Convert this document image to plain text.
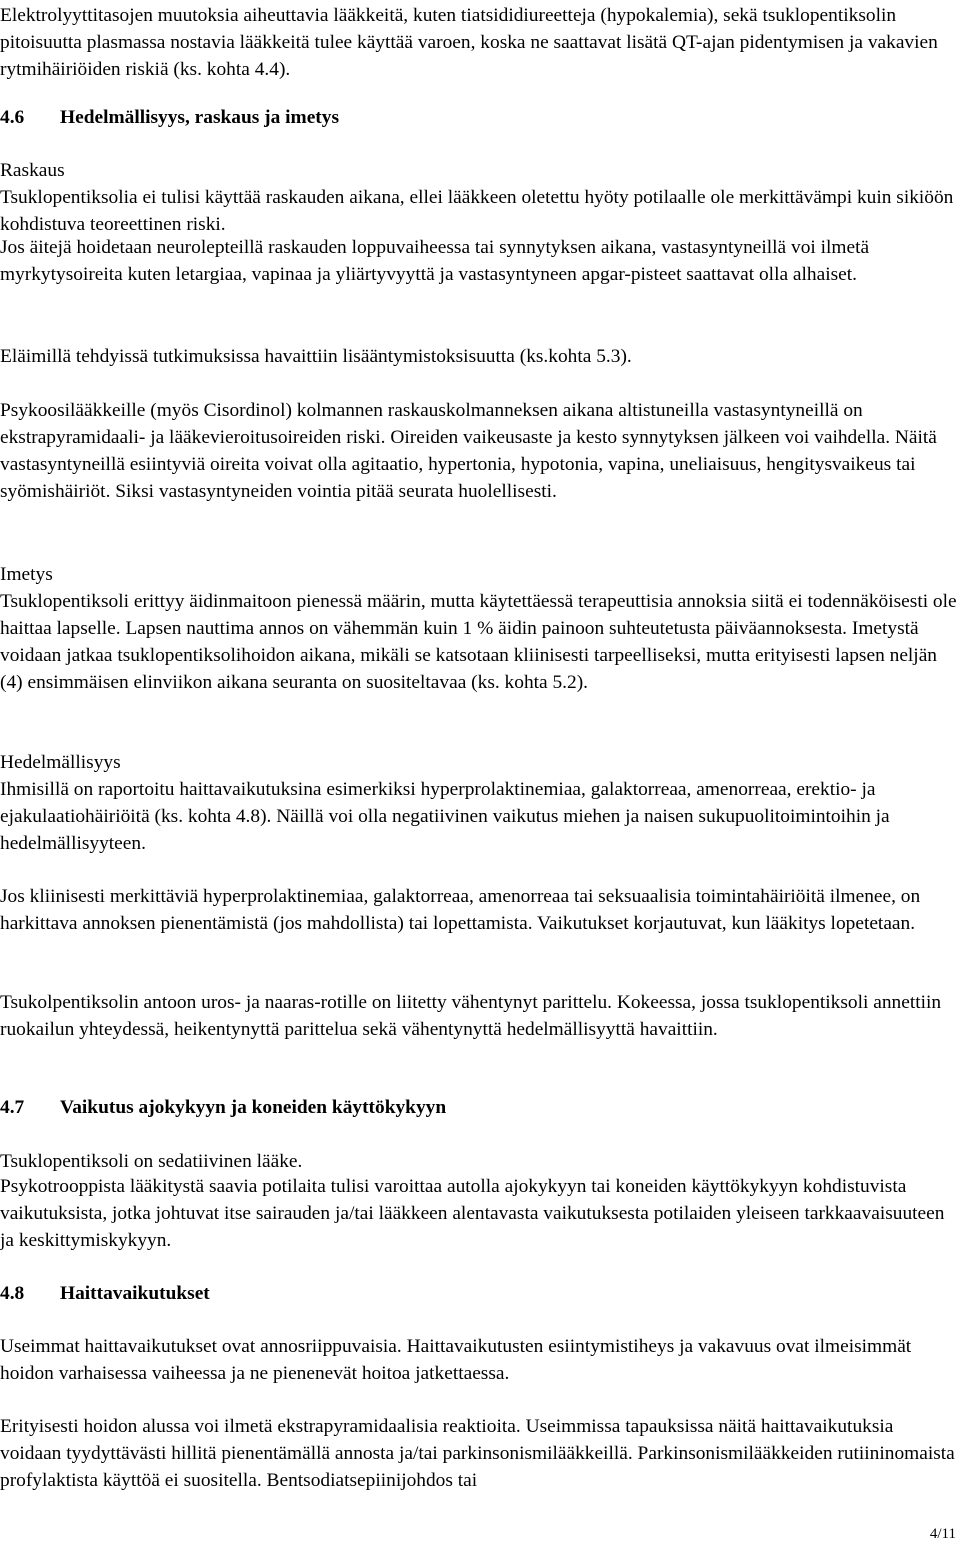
Elektrolyyttitasojen muutoksia aiheuttavia lääkkeitä, kuten tiatsididiureetteja (hypokalemia), sekä tsuklopentiksolin pitoisuutta plasmassa nostavia lääkkeitä tulee käyttää varoen, koska ne saattavat lisätä QT-ajan pidentymisen ja vakavien rytmihäiriöiden riskiä (ks. kohta 4.4).

4.6 Hedelmällisyys, raskaus ja imetys

Raskaus

Tsuklopentiksolia ei tulisi käyttää raskauden aikana, ellei lääkkeen oletettu hyöty potilaalle ole merkittävämpi kuin sikiöön kohdistuva teoreettinen riski.

Jos äitejä hoidetaan neurolepteillä raskauden loppuvaiheessa tai synnytyksen aikana, vastasyntyneillä voi ilmetä myrkytysoireita kuten letargiaa, vapinaa ja yliärtyvyyttä ja vastasyntyneen apgar-pisteet saattavat olla alhaiset.

Eläimillä tehdyissä tutkimuksissa havaittiin lisääntymistoksisuutta (ks.kohta 5.3).

Psykoosilääkkeille (myös Cisordinol) kolmannen raskauskolmanneksen aikana altistuneilla vastasyntyneillä on ekstrapyramidaali- ja lääkevieroitusoireiden riski. Oireiden vaikeusaste ja kesto synnytyksen jälkeen voi vaihdella. Näitä vastasyntyneillä esiintyviä oireita voivat olla agitaatio, hypertonia, hypotonia, vapina, uneliaisuus, hengitysvaikeus tai syömishäiriöt. Siksi vastasyntyneiden vointia pitää seurata huolellisesti.

Imetys

Tsuklopentiksoli erittyy äidinmaitoon pienessä määrin, mutta käytettäessä terapeuttisia annoksia siitä ei todennäköisesti ole haittaa lapselle. Lapsen nauttima annos on vähemmän kuin 1 % äidin painoon suhteutetusta päiväannoksesta. Imetystä voidaan jatkaa tsuklopentiksolihoidon aikana, mikäli se katsotaan kliinisesti tarpeelliseksi, mutta erityisesti lapsen neljän (4) ensimmäisen elinviikon aikana seuranta on suositeltavaa (ks. kohta 5.2).

Hedelmällisyys

Ihmisillä on raportoitu haittavaikutuksina esimerkiksi hyperprolaktinemiaa, galaktorreaa, amenorreaa, erektio- ja ejakulaatiohäiriöitä (ks. kohta 4.8). Näillä voi olla negatiivinen vaikutus miehen ja naisen sukupuolitoimintoihin ja hedelmällisyyteen.

Jos kliinisesti merkittäviä hyperprolaktinemiaa, galaktorreaa, amenorreaa tai seksuaalisia toimintahäiriöitä ilmenee, on harkittava annoksen pienentämistä (jos mahdollista) tai lopettamista. Vaikutukset korjautuvat, kun lääkitys lopetetaan.

Tsukolpentiksolin antoon uros- ja naaras-rotille on liitetty vähentynyt parittelu. Kokeessa, jossa tsuklopentiksoli annettiin ruokailun yhteydessä, heikentynyttä parittelua sekä vähentynyttä hedelmällisyyttä havaittiin.

4.7 Vaikutus ajokykyyn ja koneiden käyttökykyyn

Tsuklopentiksoli on sedatiivinen lääke.

Psykotrooppista lääkitystä saavia potilaita tulisi varoittaa autolla ajokykyyn tai koneiden käyttökykyyn kohdistuvista vaikutuksista, jotka johtuvat itse sairauden ja/tai lääkkeen alentavasta vaikutuksesta potilaiden yleiseen tarkkaavaisuuteen ja keskittymiskykyyn.

4.8 Haittavaikutukset

Useimmat haittavaikutukset ovat annosriippuvaisia. Haittavaikutusten esiintymistiheys ja vakavuus ovat ilmeisimmät hoidon varhaisessa vaiheessa ja ne pienenevät hoitoa jatkettaessa.

Erityisesti hoidon alussa voi ilmetä ekstrapyramidaalisia reaktioita. Useimmissa tapauksissa näitä haittavaikutuksia voidaan tyydyttävästi hillitä pienentämällä annosta ja/tai parkinsonismilääkkeillä. Parkinsonismilääkkeiden rutiininomaista profylaktista käyttöä ei suositella. Bentsodiatsepiinijohdos tai

4/11
